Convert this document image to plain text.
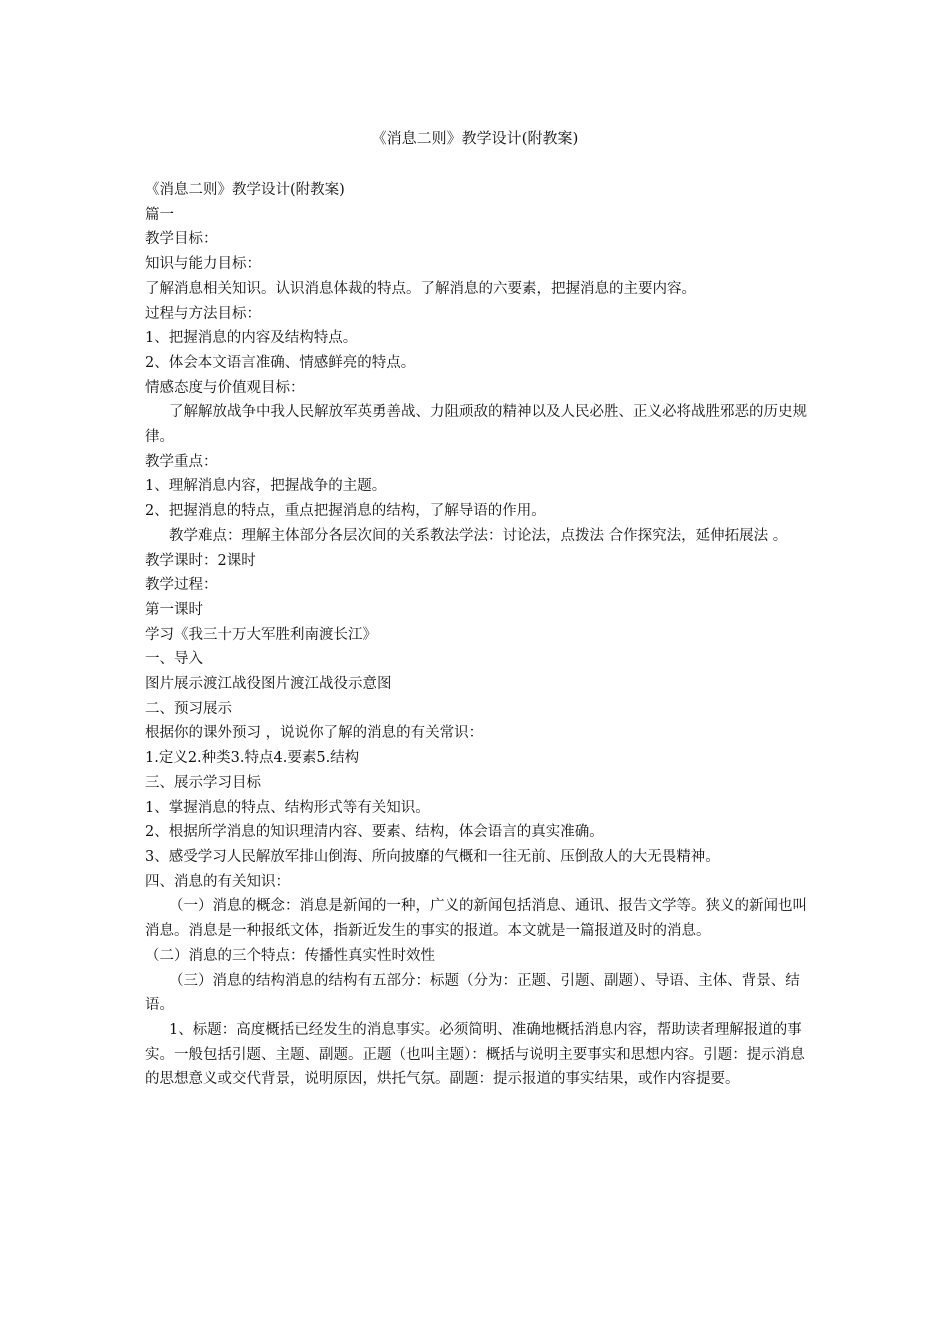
《消息二则》教学设计(附教案)

《消息二则》教学设计(附教案)

篇一

教学目标：

知识与能力目标：

了解消息相关知识。认识消息体裁的特点。了解消息的六要素，把握消息的主要内容。

过程与方法目标：

1、把握消息的内容及结构特点。

2、体会本文语言准确、情感鲜亮的特点。

情感态度与价值观目标：

了解解放战争中我人民解放军英勇善战、力阻顽敌的精神以及人民必胜、正义必将战胜邪恶的历史规律。

教学重点：

1、理解消息内容，把握战争的主题。

2、把握消息的特点，重点把握消息的结构，了解导语的作用。

教学难点：理解主体部分各层次间的关系教法学法：讨论法，点拨法 合作探究法，延伸拓展法 。

教学课时：2课时

教学过程：

第一课时

学习《我三十万大军胜利南渡长江》

一、导入

图片展示渡江战役图片渡江战役示意图

二、预习展示

根据你的课外预习 ，说说你了解的消息的有关常识：

1.定义2.种类3.特点4.要素5.结构

三、展示学习目标

1、掌握消息的特点、结构形式等有关知识。

2、根据所学消息的知识理清内容、要素、结构，体会语言的真实准确。

3、感受学习人民解放军排山倒海、所向披靡的气概和一往无前、压倒敌人的大无畏精神。

四、消息的有关知识：

（一）消息的概念：消息是新闻的一种，广义的新闻包括消息、通讯、报告文学等。狭义的新闻也叫消息。消息是一种报纸文体，指新近发生的事实的报道。本文就是一篇报道及时的消息。

（二）消息的三个特点：传播性真实性时效性

（三）消息的结构消息的结构有五部分：标题（分为：正题、引题、副题）、导语、主体、背景、结语。

1、标题：高度概括已经发生的消息事实。必须简明、准确地概括消息内容，帮助读者理解报道的事实。一般包括引题、主题、副题。正题（也叫主题）：概括与说明主要事实和思想内容。引题：提示消息的思想意义或交代背景，说明原因，烘托气氛。副题：提示报道的事实结果，或作内容提要。
